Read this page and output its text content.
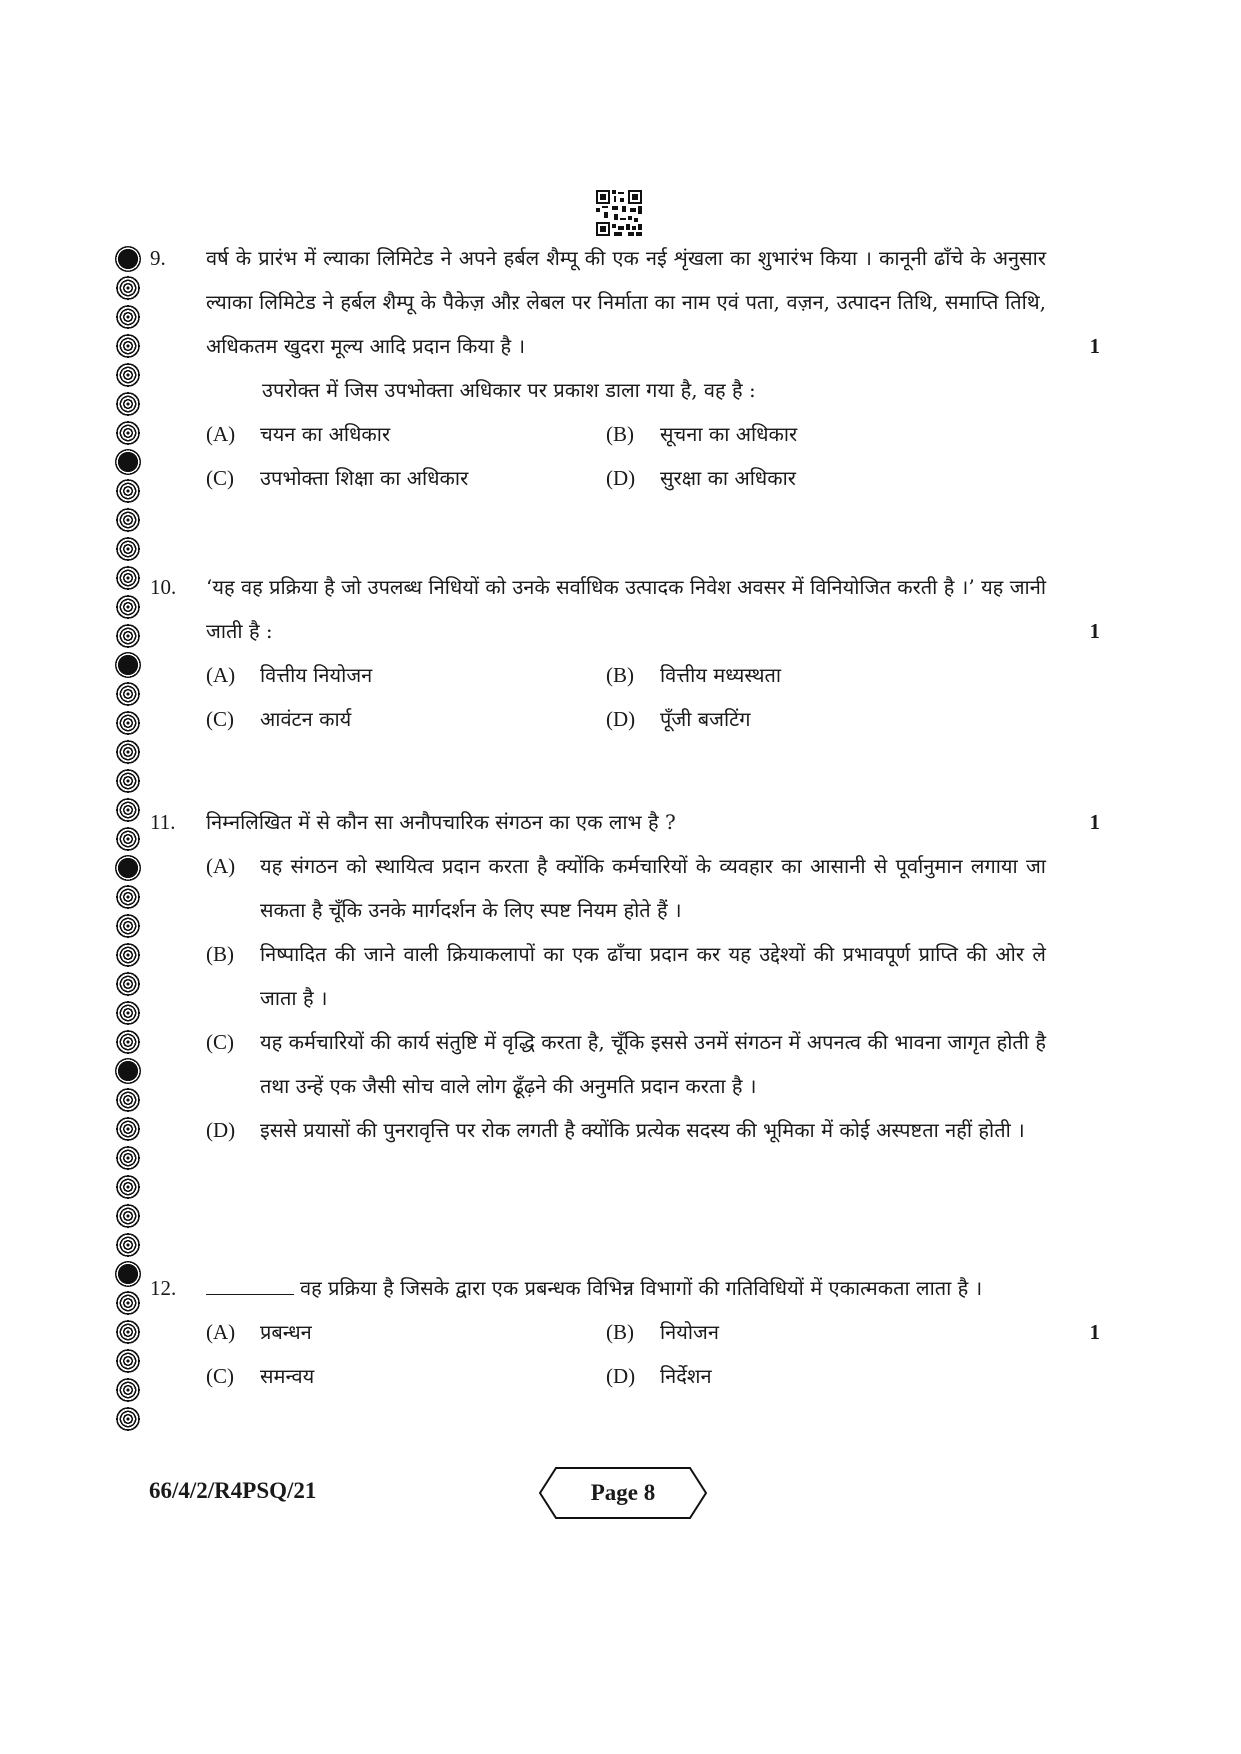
9.	वर्ष के प्रारंभ में ल्याका लिमिटेड ने अपने हर्बल शैम्पू की एक नई शृंखला का शुभारंभ किया । कानूनी ढाँचे के अनुसार ल्याका लिमिटेड ने हर्बल शैम्पू के पैकेज़ औऱ लेबल पर निर्माता का नाम एवं पता, वज़न, उत्पादन तिथि, समाप्ति तिथि, अधिकतम खुदरा मूल्य आदि प्रदान किया है ।	1
उपरोक्त में जिस उपभोक्ता अधिकार पर प्रकाश डाला गया है, वह है :
(A)	चयन का अधिकार	(B)	सूचना का अधिकार
(C)	उपभोक्ता शिक्षा का अधिकार	(D)	सुरक्षा का अधिकार
10.	‘यह वह प्रक्रिया है जो उपलब्ध निधियों को उनके सर्वाधिक उत्पादक निवेश अवसर में विनियोजित करती है ।’ यह जानी जाती है :	1
(A)	वित्तीय नियोजन	(B)	वित्तीय मध्यस्थता
(C)	आवंटन कार्य	(D)	पूँजी बजटिंग
11.	निम्नलिखित में से कौन सा अनौपचारिक संगठन का एक लाभ है ?	1
(A)	यह संगठन को स्थायित्व प्रदान करता है क्योंकि कर्मचारियों के व्यवहार का आसानी से पूर्वानुमान लगाया जा सकता है चूँकि उनके मार्गदर्शन के लिए स्पष्ट नियम होते हैं ।
(B)	निष्पादित की जाने वाली क्रियाकलापों का एक ढाँचा प्रदान कर यह उद्देश्यों की प्रभावपूर्ण प्राप्ति की ओर ले जाता है ।
(C)	यह कर्मचारियों की कार्य संतुष्टि में वृद्धि करता है, चूँकि इससे उनमें संगठन में अपनत्व की भावना जागृत होती है तथा उन्हें एक जैसी सोच वाले लोग ढूँढ़ने की अनुमति प्रदान करता है ।
(D)	इससे प्रयासों की पुनरावृत्ति पर रोक लगती है क्योंकि प्रत्येक सदस्य की भूमिका में कोई अस्पष्टता नहीं होती ।
12.	वह प्रक्रिया है जिसके द्वारा एक प्रबन्धक विभिन्न विभागों की गतिविधियों में एकात्मकता लाता है ।
1
(A)	प्रबन्धन	(B)	नियोजन
(C)	समन्वय	(D)	निर्देशन
66/4/2/R4PSQ/21	Page 8
